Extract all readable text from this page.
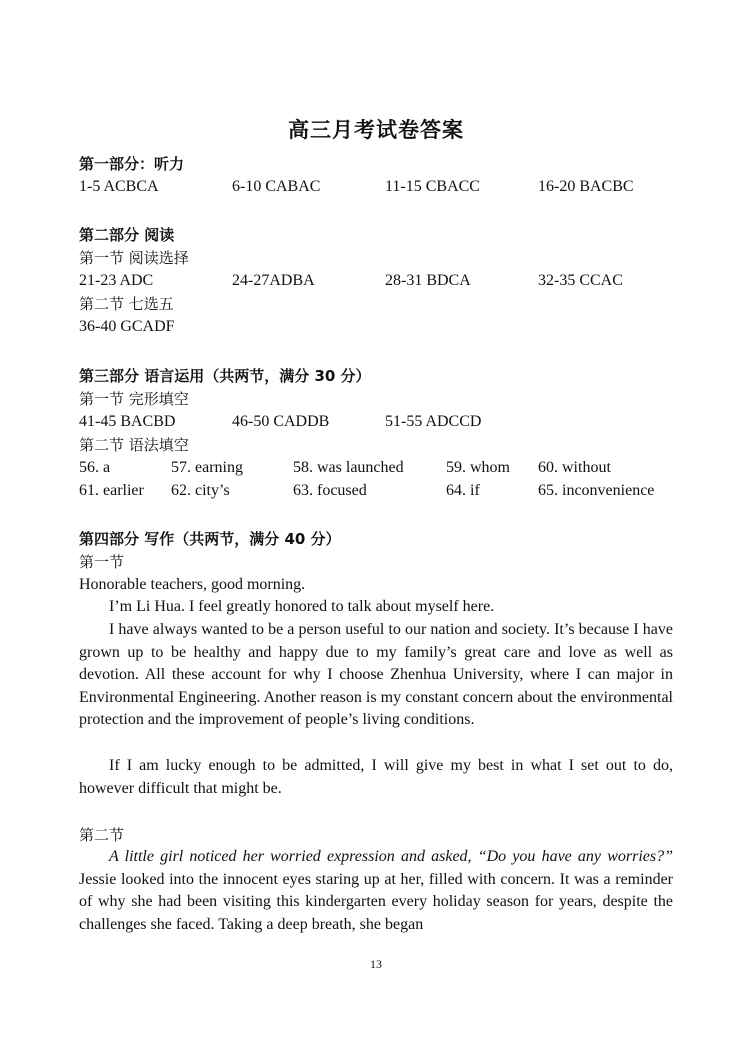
高三月考试卷答案
第一部分：听力
1-5 ACBCA	6-10 CABAC	11-15 CBACC	16-20 BACBC
第二部分 阅读
第一节 阅读选择
21-23 ADC	24-27ADBA	28-31 BDCA	32-35 CCAC
第二节 七选五
36-40 GCADF
第三部分 语言运用（共两节，满分 30 分）
第一节 完形填空
41-45 BACBD	46-50 CADDB	51-55 ADCCD
第二节 语法填空
56. a	57. earning	58. was launched	59. whom 60. without
61. earlier 62. city’s	63. focused	64. if	65. inconvenience
第四部分 写作（共两节，满分 40 分）
第一节
Honorable teachers, good morning.
I’m Li Hua. I feel greatly honored to talk about myself here.
I have always wanted to be a person useful to our nation and society. It’s because I have grown up to be healthy and happy due to my family’s great care and love as well as devotion. All these account for why I choose Zhenhua University, where I can major in Environmental Engineering. Another reason is my constant concern about the environmental protection and the improvement of people’s living conditions.
If I am lucky enough to be admitted, I will give my best in what I set out to do, however difficult that might be.
第二节
A little girl noticed her worried expression and asked, “Do you have any worries?” Jessie looked into the innocent eyes staring up at her, filled with concern. It was a reminder of why she had been visiting this kindergarten every holiday season for years, despite the challenges she faced. Taking a deep breath, she began
13
